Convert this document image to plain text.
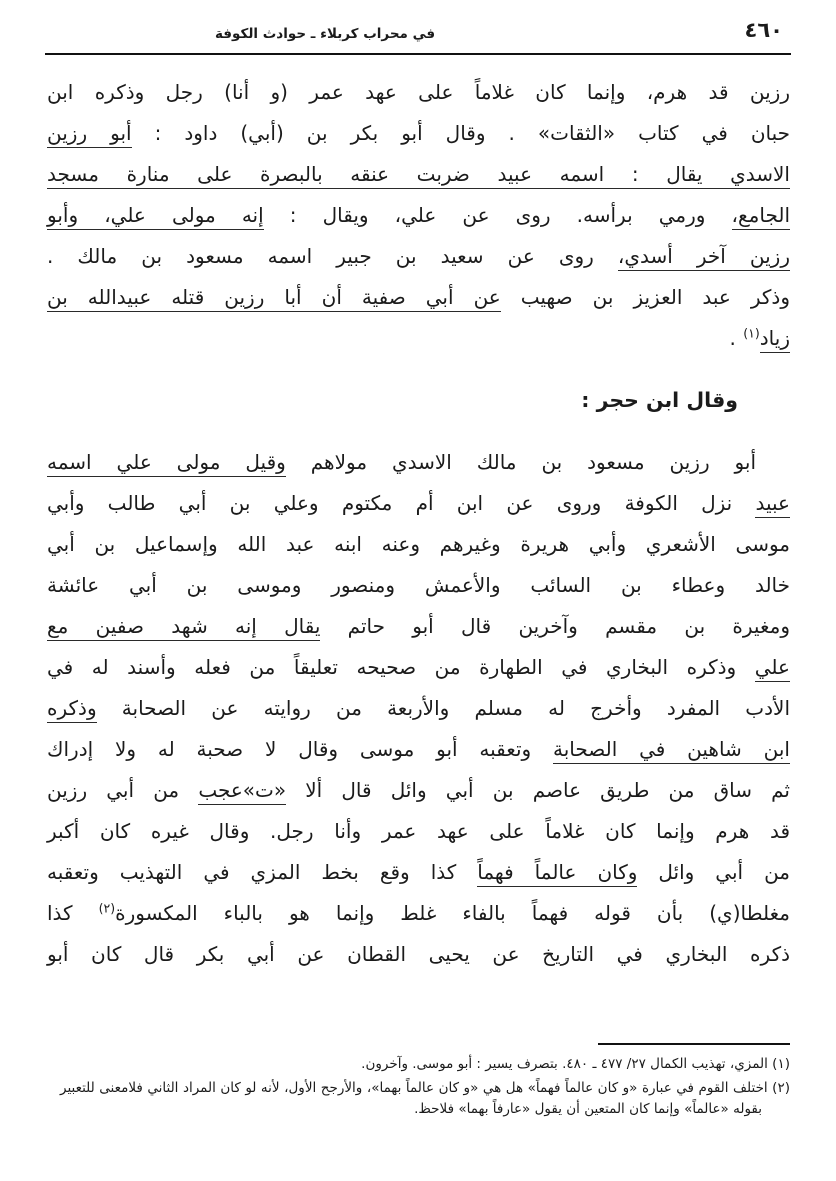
في محراب كربلاء ـ حوادث الكوفة	٤٦٠
رزين قد هرم، وإنما كان غلاماً على عهد عمر (و أنا) رجل وذكره ابن
حبان في كتاب «الثقات» . وقال أبو بكر بن (أبي) داود : أبو رزين
الاسدي يقال : اسمه عبيد ضربت عنقه بالبصرة على منارة مسجد
الجامع، ورمي برأسه. روى عن علي، ويقال : إنه مولى علي، وأبو
رزين آخر أسدي، روى عن سعيد بن جبير اسمه مسعود بن مالك .
وذكر عبد العزيز بن صهيب عن أبي صفية أن أبا رزين قتله عبيدالله بن
زياد$^{(١)}$ .
وقال ابن حجر :
أبو رزين مسعود بن مالك الاسدي مولاهم وقيل مولى علي اسمه
عبيد نزل الكوفة وروى عن ابن أم مكتوم وعلي بن أبي طالب وأبي
موسى الأشعري وأبي هريرة وغيرهم وعنه ابنه عبد الله وإسماعيل بن أبي
خالد وعطاء بن السائب والأعمش ومنصور وموسى بن أبي عائشة
ومغيرة بن مقسم وآخرين قال أبو حاتم يقال إنه شهد صفين مع
علي وذكره البخاري في الطهارة من صحيحه تعليقاً من فعله وأسند له في
الأدب المفرد وأخرج له مسلم والأربعة من روايته عن الصحابة وذكره
ابن شاهين في الصحابة وتعقبه أبو موسى وقال لا صحبة له ولا إدراك
ثم ساق من طريق عاصم بن أبي وائل قال ألا «ت»عجب من أبي رزين
قد هرم وإنما كان غلاماً على عهد عمر وأنا رجل. وقال غيره كان أكبر
من أبي وائل وكان عالماً فهماً كذا وقع بخط المزي في التهذيب وتعقبه
مغلطا(ي) بأن قوله فهماً بالفاء غلط وإنما هو بالباء المكسورة$^{(٢)}$ كذا
ذكره البخاري في التاريخ عن يحيى القطان عن أبي بكر قال كان أبو
(١) المزي، تهذيب الكمال ٢٧/ ٤٧٧ ـ ٤٨٠. بتصرف يسير : أبو موسى. وآخرون.
(٢) اختلف القوم في عبارة «و كان عالماً فهماً» هل هي «و كان عالماً بهما»، والأرجح الأول، لأنه لو كان المراد الثاني فلامعنى للتعبير بقوله «عالماً» وإنما كان المتعين أن يقول «عارفاً بهما» فلاحظ.
